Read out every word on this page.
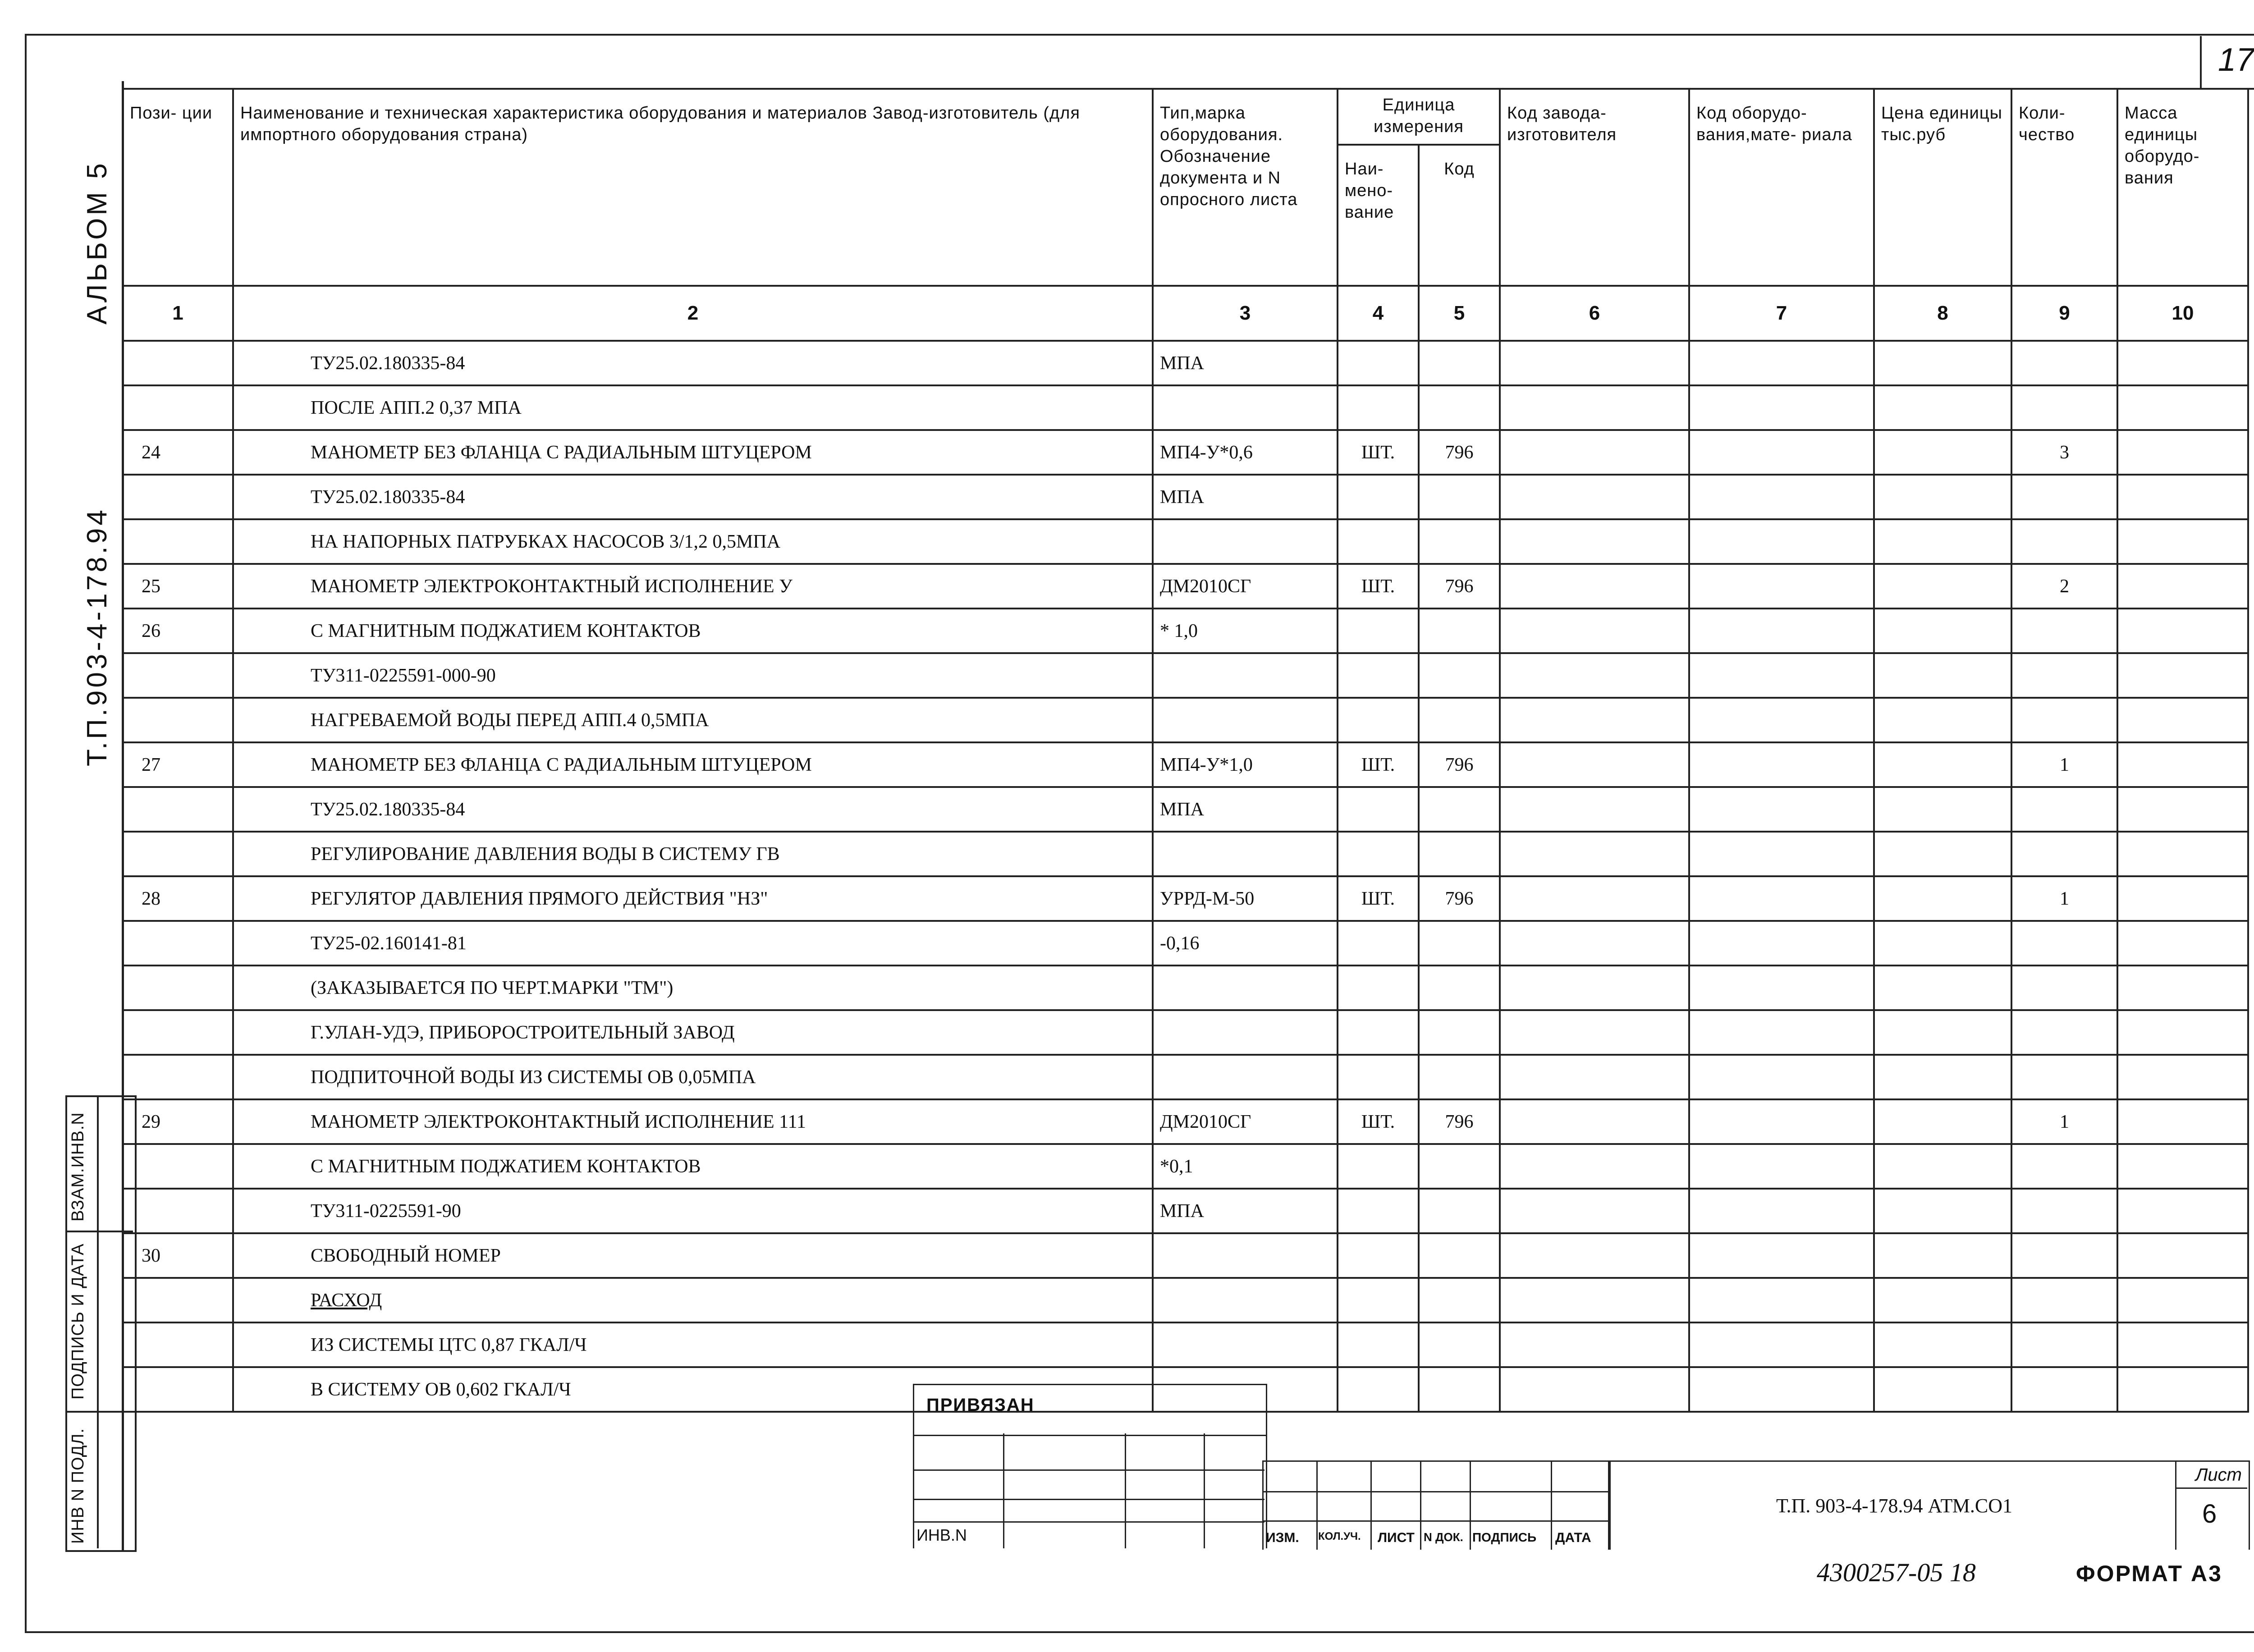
17
АЛЬБОМ 5
Т.П.903-4-178.94
ИНВ N ПОДЛ.
ПОДПИСЬ И ДАТА
ВЗАМ.ИНВ.N
Пози- ции	Наименование и техническая характеристика оборудования и материалов Завод-изготовитель (для импортного оборудования страна)	Тип,марка оборудования. Обозначение документа и N опросного листа	Единица измерения		Код завода- изготовителя	Код оборудо- вания,мате- риала	Цена единицы тыс.руб	Коли- чество	Масса единицы оборудо- вания
			Наи- мено- вание	Код					
1	2	3	4	5	6	7	8	9	10
	ТУ25.02.180335-84	МПА							
	ПОСЛЕ АПП.2 0,37 МПА								
24	МАНОМЕТР БЕЗ ФЛАНЦА С РАДИАЛЬНЫМ ШТУЦЕРОМ	МП4-У*0,6	ШТ.	796				3	
	ТУ25.02.180335-84	МПА							
	НА НАПОРНЫХ ПАТРУБКАХ НАСОСОВ 3/1,2 0,5МПА								
25	МАНОМЕТР ЭЛЕКТРОКОНТАКТНЫЙ ИСПОЛНЕНИЕ У	ДМ2010СГ	ШТ.	796				2	
26	С МАГНИТНЫМ ПОДЖАТИЕМ КОНТАКТОВ	* 1,0							
	ТУ311-0225591-000-90								
	НАГРЕВАЕМОЙ ВОДЫ ПЕРЕД АПП.4 0,5МПА								
27	МАНОМЕТР БЕЗ ФЛАНЦА С РАДИАЛЬНЫМ ШТУЦЕРОМ	МП4-У*1,0	ШТ.	796				1	
	ТУ25.02.180335-84	МПА							
	РЕГУЛИРОВАНИЕ ДАВЛЕНИЯ ВОДЫ В СИСТЕМУ ГВ								
28	РЕГУЛЯТОР ДАВЛЕНИЯ ПРЯМОГО ДЕЙСТВИЯ "НЗ"	УРРД-М-50	ШТ.	796				1	
	ТУ25-02.160141-81	-0,16							
	(ЗАКАЗЫВАЕТСЯ ПО ЧЕРТ.МАРКИ "ТМ")								
	Г.УЛАН-УДЭ, ПРИБОРОСТРОИТЕЛЬНЫЙ ЗАВОД								
	ПОДПИТОЧНОЙ ВОДЫ ИЗ СИСТЕМЫ ОВ 0,05МПА								
29	МАНОМЕТР ЭЛЕКТРОКОНТАКТНЫЙ ИСПОЛНЕНИЕ 111	ДМ2010СГ	ШТ.	796				1	
	С МАГНИТНЫМ ПОДЖАТИЕМ КОНТАКТОВ	*0,1							
	ТУ311-0225591-90	МПА							
30	СВОБОДНЫЙ НОМЕР								
	РАСХОД								
	ИЗ СИСТЕМЫ ЦТС 0,87 ГКАЛ/Ч								
	В СИСТЕМУ ОВ 0,602 ГКАЛ/Ч								
ПРИВЯЗАН
ИНВ.N	ИЗМ. КОЛ.УЧ. ЛИСТ N ДОК. ПОДПИСЬ ДАТА
Т.П. 903-4-178.94 АТМ.СО1
Лист
6
4300257-05 18	ФОРМАТ А3
